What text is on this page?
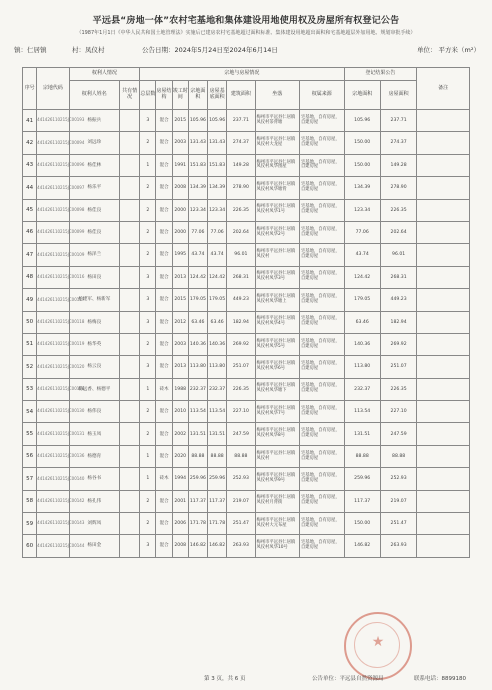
平远县“房地一体”农村宅基地和集体建设用地使用权及房屋所有权登记公告
（1987年1月1日《中华人民共和国土地管理法》实施后已建房农村宅基地超过面积标准、集体建设用地超出面积和宅基地超层外加用地、规划审批手续）
镇：仁居镇	村：凤仪村	公告日期：2024年5月24日至2024年6月14日	单位： 平方米（m²）
序号	宗地代码	权利人情况		宗地与房屋情况								登记结果公告		备注
		权利人姓名	共有情况	总层数	房屋结构	竣工时间	宗地面积	房屋基底面积	建筑面积	坐落	权属来源	宗地面积	房屋面积	
41	441426110215JC00193	杨振兵		3	混合	2015	105.96	105.96	237.71	梅州市平远县仁居镇凤仪村茶背塘	宅基地，自有房屋，自建房屋	105.96	237.71	
42	441426110215JC00094	刘远珍		2	混合	2003	131.43	131.43	274.37	梅州市平远县仁居镇凤仪村大龙屋	宅基地，自有房屋，自建房屋	150.00	274.37	
43	441426110215JC00096	杨佳林		1	混合	1991	151.83	151.83	149.28	梅州市平远县仁居镇凤仪村凤华围屋	宅基地，自有房屋，自建房屋	150.00	149.28	
44	441426110215JC00097	杨乐平		2	混合	2008	134.39	134.39	278.90	梅州市平远县仁居镇凤仪村凤华塘背	宅基地，自有房屋，自建房屋	134.39	278.90	
45	441426110215JC00098	杨佳良		2	混合	2000	123.34	123.34	226.35	梅州市平远县仁居镇凤仪村凤华1号	宅基地，自有房屋，自建房屋	123.34	226.35	
46	441426110215JC00099	杨佳良		2	混合	2000	77.06	77.06	202.64	梅州市平远县仁居镇凤仪村凤华2号	宅基地，自有房屋，自建房屋	77.06	202.64	
47	441426110215JC00109	杨泽兰		2	混合	1995	43.74	43.74	96.01	梅州市平远县仁居镇凤仪村	宅基地，自有房屋，自建房屋	43.74	96.01	
48	441426110215JC00116	杨田良		3	混合	2013	124.42	124.42	268.31	梅州市平远县仁居镇凤仪村凤华3号	宅基地，自有房屋，自建房屋	124.42	268.31	
49	441426110215JC00117	杨建军、杨新军		3	混合	2015	179.05	179.05	449.23	梅州市平远县仁居镇凤仪村凤华塘上	宅基地，自有房屋，自建房屋	179.05	449.23	
50	441426110215JC00118	杨梅良		3	混合	2012	63.46	63.46	182.94	梅州市平远县仁居镇凤仪村凤华4号	宅基地，自有房屋，自建房屋	63.46	182.94	
51	441426110215JC00119	杨华英		2	混合	2003	140.36	140.36	269.92	梅州市平远县仁居镇凤仪村凤华5号	宅基地，自有房屋，自建房屋	140.36	269.92	
52	441426110215JC00120	杨云良		3	混合	2013	113.80	113.80	251.07	梅州市平远县仁居镇凤仪村凤华6号	宅基地，自有房屋，自建房屋	113.80	251.07	
53	441426110215JC00128	杨远香、杨德平		1	砖木	1988	232.37	232.37	226.35	梅州市平远县仁居镇凤仪村凤华塘下	宅基地，自有房屋，自建房屋	232.37	226.35	
54	441426110215JC00130	杨伟良		2	混合	2010	113.54	113.54	227.10	梅州市平远县仁居镇凤仪村凤华7号	宅基地，自有房屋，自建房屋	113.54	227.10	
55	441426110215JC00131	杨玉凤		2	混合	2002	131.51	131.51	247.59	梅州市平远县仁居镇凤仪村凤华8号	宅基地，自有房屋，自建房屋	131.51	247.59	
56	441426110215JC00136	杨德育		1	混合	2020	88.88	88.88	88.88	梅州市平远县仁居镇凤仪村	宅基地，自有房屋，自建房屋	88.88	88.88	
57	441426110215JC00140	杨谷书		1	砖木	1994	259.96	259.96	252.93	梅州市平远县仁居镇凤仪村凤华9号	宅基地，自有房屋，自建房屋	259.96	252.93	
58	441426110215JC00142	杨孔伟		2	混合	2001	117.37	117.37	219.07	梅州市平远县仁居镇凤仪村月背街	宅基地，自有房屋，自建房屋	117.37	219.07	
59	441426110215JC00143	刘辉凤		2	混合	2006	171.78	171.78	251.47	梅州市平远县仁居镇凤仪村大元布屋	宅基地，自有房屋，自建房屋	150.00	251.47	
60	441426110215JC00144	杨田金		3	混合	2008	146.82	146.82	263.93	梅州市平远县仁居镇凤仪村凤华10号	宅基地，自有房屋，自建房屋	146.82	263.93	
★
第 3 页，共 6 页	公告单位：平远县自然资源局	联系电话：8899180
